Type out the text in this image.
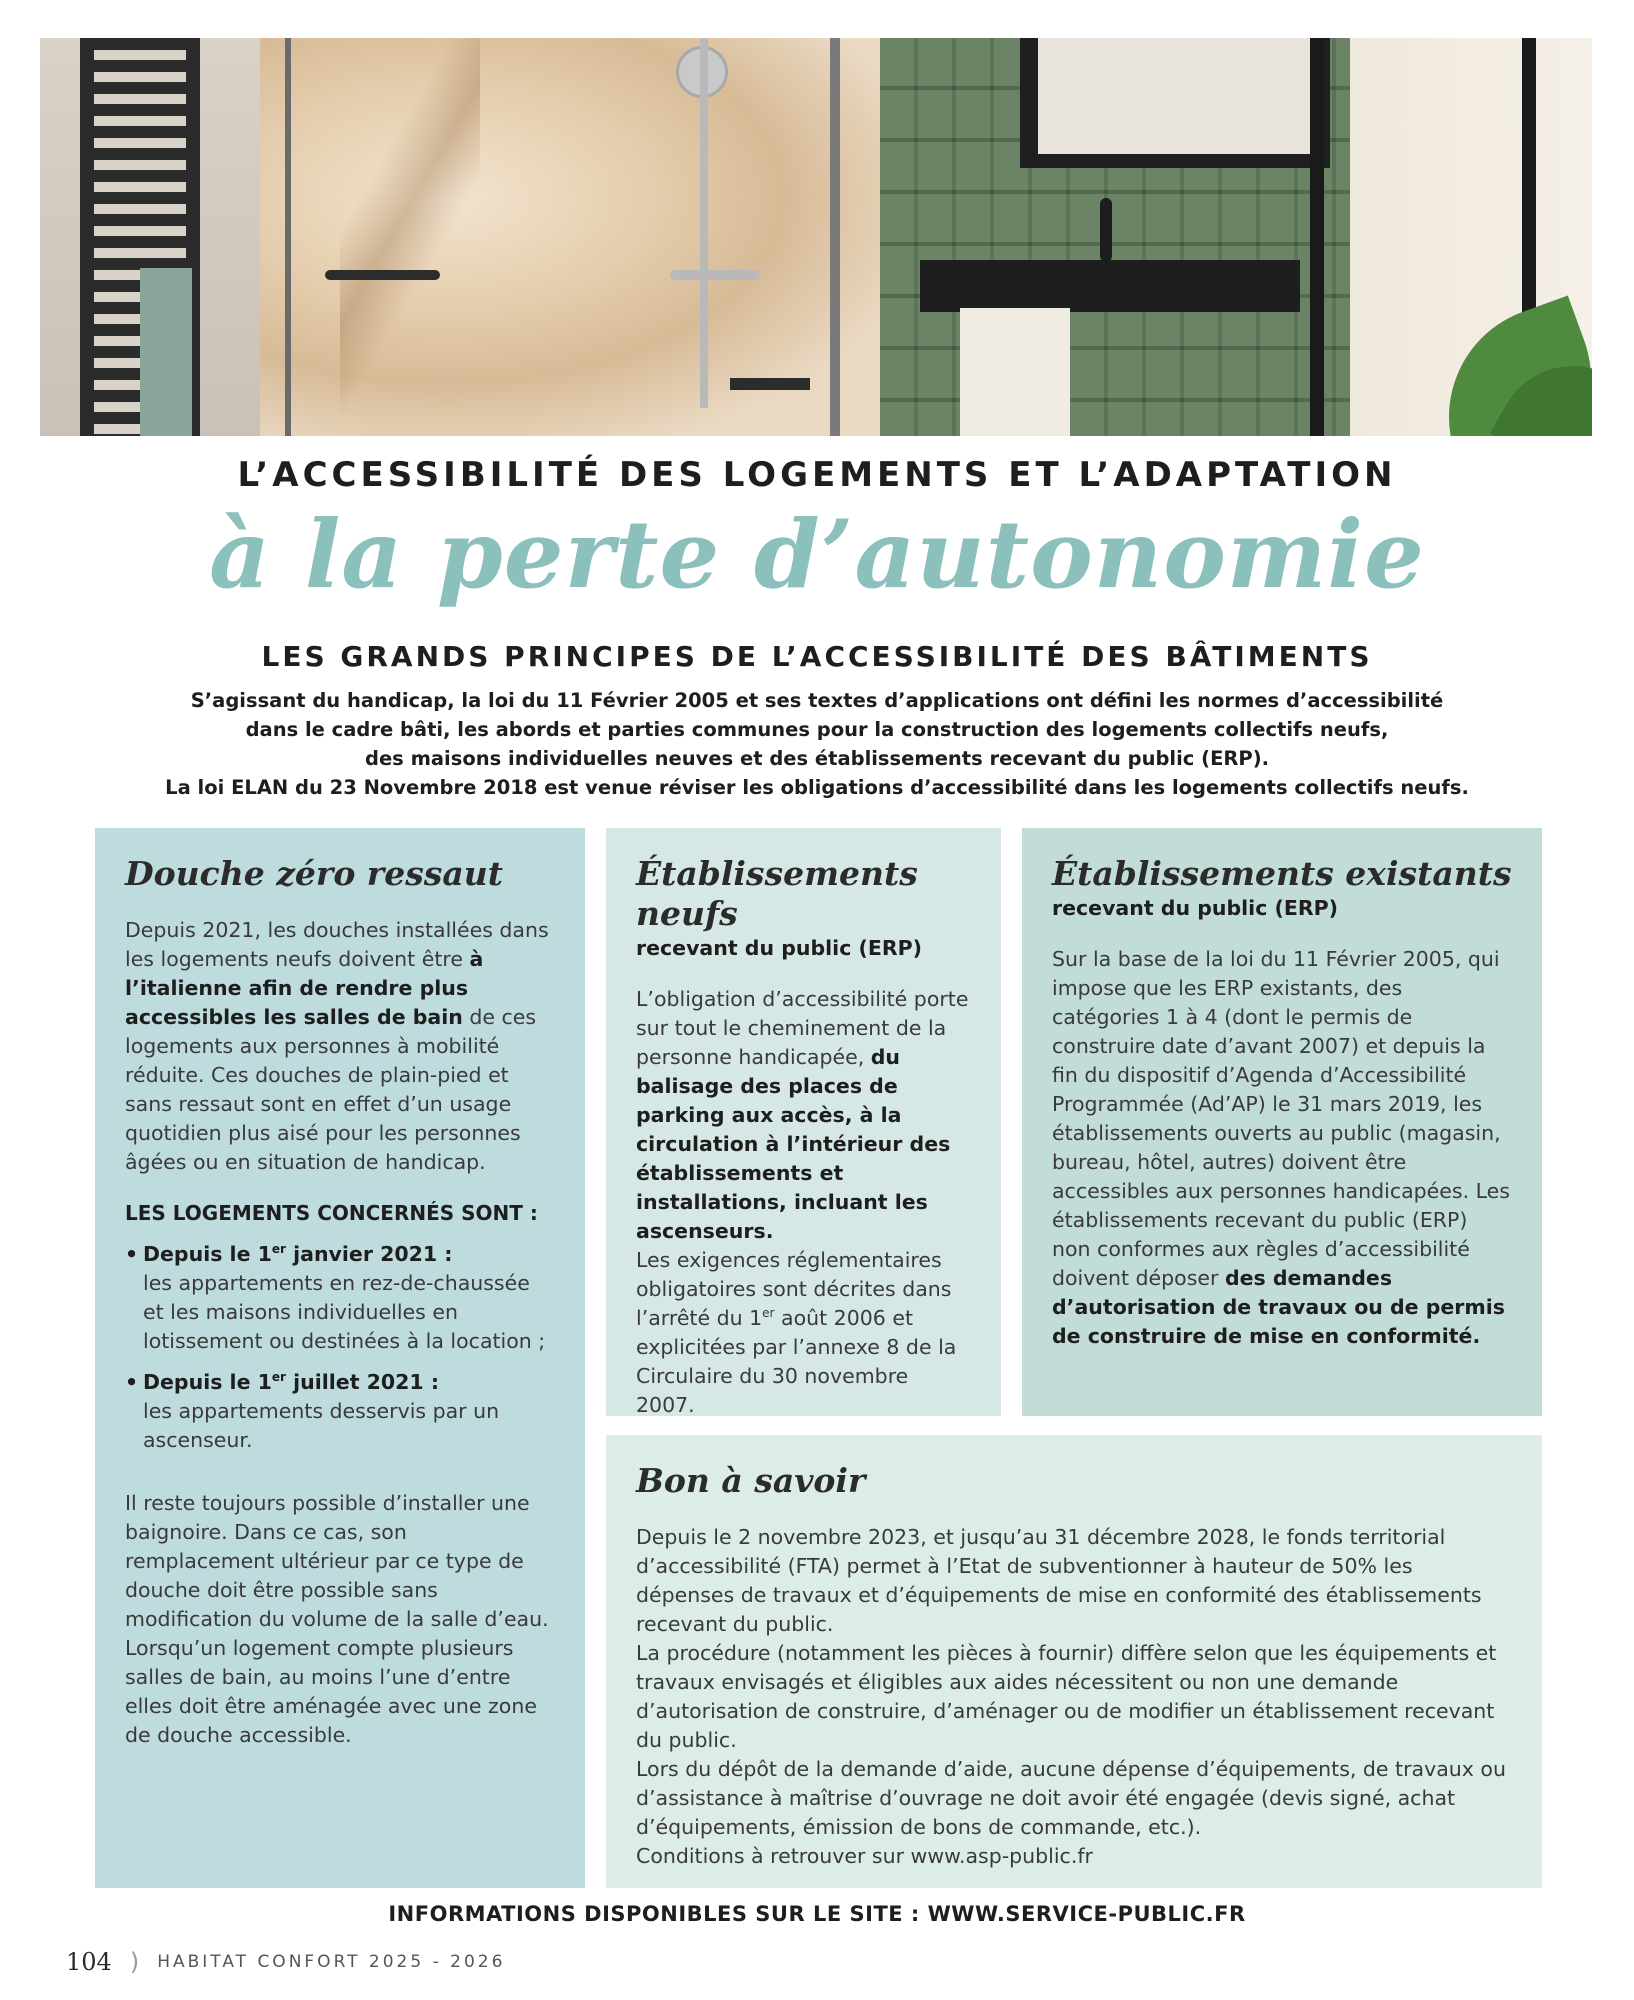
L’ACCESSIBILITÉ DES LOGEMENTS ET L’ADAPTATION
à la perte d’autonomie
LES GRANDS PRINCIPES DE L’ACCESSIBILITÉ DES BÂTIMENTS

S’agissant du handicap, la loi du 11 Février 2005 et ses textes d’applications ont défini les normes d’accessibilité

dans le cadre bâti, les abords et parties communes pour la construction des logements collectifs neufs,

des maisons individuelles neuves et des établissements recevant du public (ERP).

La loi ELAN du 23 Novembre 2018 est venue réviser les obligations d’accessibilité dans les logements collectifs neufs.

Douche zéro ressaut

Depuis 2021, les douches installées dans les logements neufs doivent être à l’italienne afin de rendre plus accessibles les salles de bain de ces logements aux personnes à mobilité réduite. Ces douches de plain-pied et sans ressaut sont en effet d’un usage quotidien plus aisé pour les personnes âgées ou en situation de handicap.

LES LOGEMENTS CONCERNÉS SONT :

• Depuis le 1er janvier 2021 :
les appartements en rez-de-chaussée et les maisons individuelles en lotissement ou destinées à la location ;
• Depuis le 1er juillet 2021 :
les appartements desservis par un ascenseur.

Il reste toujours possible d’installer une baignoire. Dans ce cas, son remplacement ultérieur par ce type de douche doit être possible sans modification du volume de la salle d’eau. Lorsqu’un logement compte plusieurs salles de bain, au moins l’une d’entre elles doit être aménagée avec une zone de douche accessible.

Établissements neufs

recevant du public (ERP)

L’obligation d’accessibilité porte sur tout le cheminement de la personne handicapée, du balisage des places de parking aux accès, à la circulation à l’intérieur des établissements et installations, incluant les ascenseurs.

Les exigences réglementaires obligatoires sont décrites dans l’arrêté du 1er août 2006 et explicitées par l’annexe 8 de la Circulaire du 30 novembre 2007.

Établissements existants

recevant du public (ERP)

Sur la base de la loi du 11 Février 2005, qui impose que les ERP existants, des catégories 1 à 4 (dont le permis de construire date d’avant 2007) et depuis la fin du dispositif d’Agenda d’Accessibilité Programmée (Ad’AP) le 31 mars 2019, les établissements ouverts au public (magasin, bureau, hôtel, autres) doivent être accessibles aux personnes handicapées. Les établissements recevant du public (ERP) non conformes aux règles d’accessibilité doivent déposer des demandes d’autorisation de travaux ou de permis de construire de mise en conformité.

Bon à savoir

Depuis le 2 novembre 2023, et jusqu’au 31 décembre 2028, le fonds territorial d’accessibilité (FTA) permet à l’Etat de subventionner à hauteur de 50% les dépenses de travaux et d’équipements de mise en conformité des établissements recevant du public.

La procédure (notamment les pièces à fournir) diffère selon que les équipements et travaux envisagés et éligibles aux aides nécessitent ou non une demande d’autorisation de construire, d’aménager ou de modifier un établissement recevant du public.

Lors du dépôt de la demande d’aide, aucune dépense d’équipements, de travaux ou d’assistance à maîtrise d’ouvrage ne doit avoir été engagée (devis signé, achat d’équipements, émission de bons de commande, etc.).

Conditions à retrouver sur www.asp-public.fr

INFORMATIONS DISPONIBLES SUR LE SITE : WWW.SERVICE-PUBLIC.FR
104 ) HABITAT CONFORT 2025 - 2026
